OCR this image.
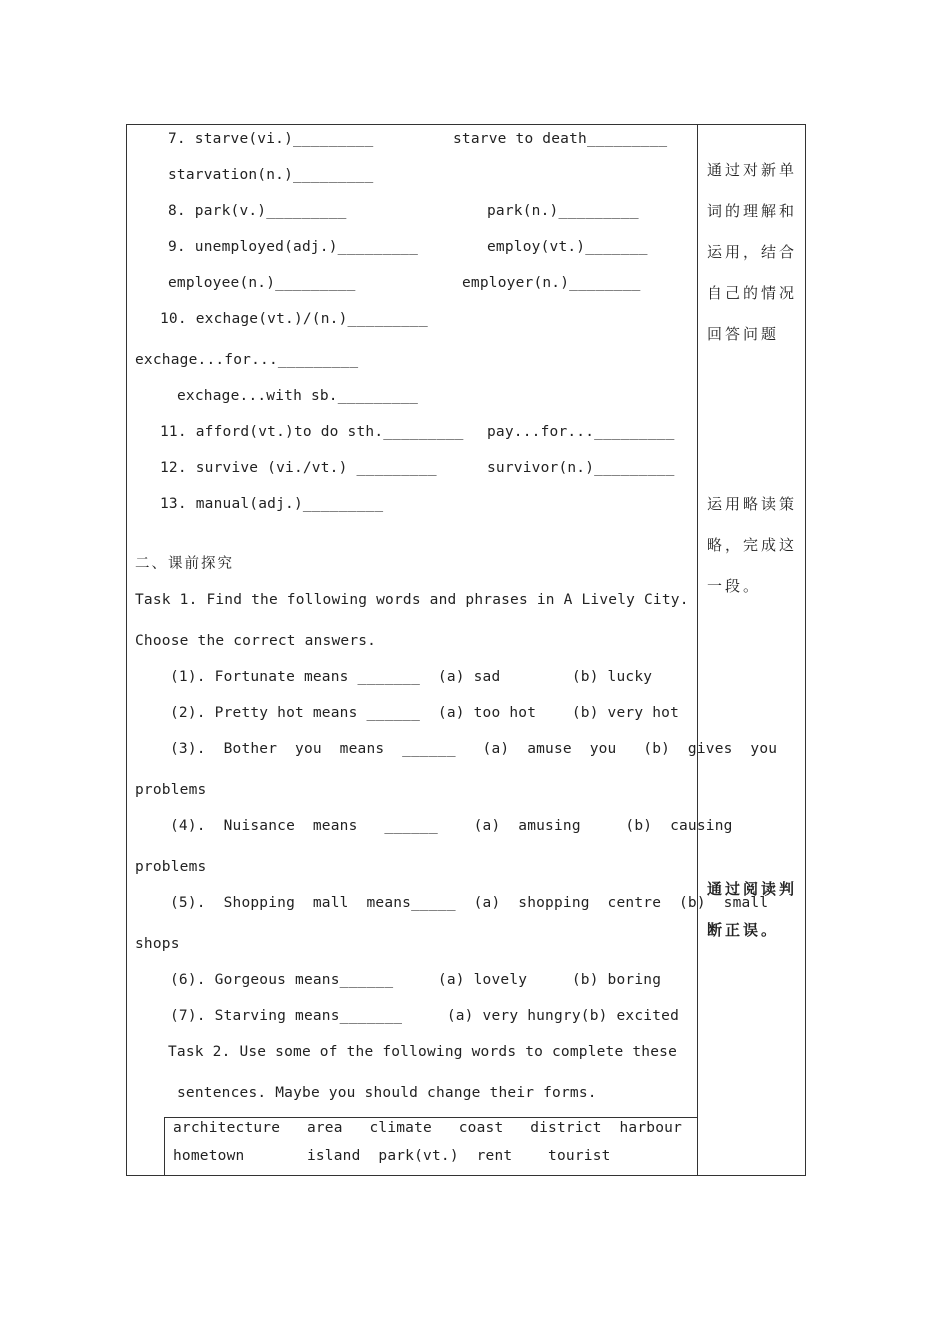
7. starve(vi.)_________	starve to death_________
starvation(n.)_________
8. park(v.)_________	park(n.)_________
9. unemployed(adj.)_________	employ(vt.)_______
employee(n.)_________	employer(n.)________
10. exchage(vt.)/(n.)_________
exchage...for..._________
exchage...with sb._________
11. afford(vt.)to do sth._________ pay...for..._________
12. survive (vi./vt.) _________	survivor(n.)_________
13. manual(adj.)_________
二、课前探究
Task 1. Find the following words and phrases in A Lively City.
Choose the correct answers.
(1). Fortunate means _______  (a) sad        (b) lucky
(2). Pretty hot means ______  (a) too hot    (b) very hot
(3).  Bother  you  means  ______   (a)  amuse  you   (b)  gives  you
problems
(4).  Nuisance  means   ______    (a)  amusing     (b)  causing
problems
(5).  Shopping  mall  means_____  (a)  shopping  centre  (b)  small
shops
(6). Gorgeous means______     (a) lovely     (b) boring
(7). Starving means_______     (a) very hungry(b) excited
Task 2. Use some of the following words to complete these
sentences. Maybe you should change their forms.
architecture   area   climate   coast   district  harbour
hometown       island  park(vt.)  rent    tourist
通过对新单
词的理解和
运用，结合
自己的情况
回答问题
运用略读策
略，完成这
一段。
通过阅读判
断正误。
